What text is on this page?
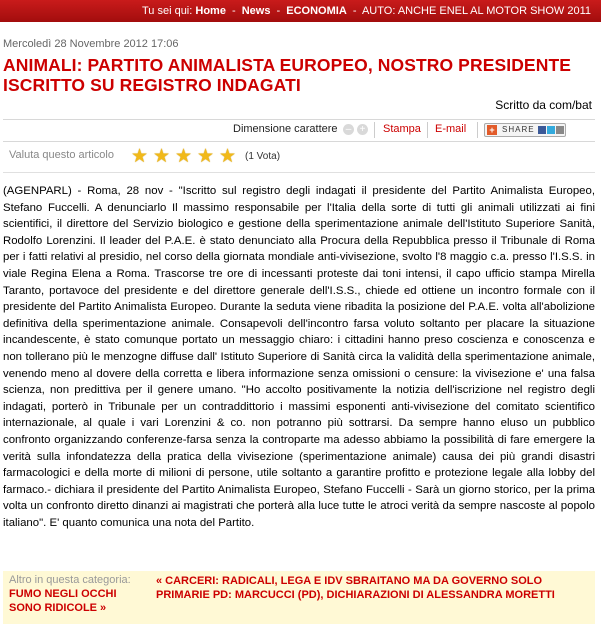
Tu sei qui: Home - News - ECONOMIA - AUTO: ANCHE ENEL AL MOTOR SHOW 2011
Mercoledì 28 Novembre 2012 17:06
ANIMALI: PARTITO ANIMALISTA EUROPEO, NOSTRO PRESIDENTE ISCRITTO SU REGISTRO INDAGATI
Scritto da com/bat
Dimensione carattere – + Stampa E-mail	+ SHARE
Valuta questo articolo ★ ★ ★ ★ ★ (1 Vota)

(AGENPARL) - Roma, 28 nov - "Iscritto sul registro degli indagati il presidente del Partito Animalista Europeo, Stefano Fuccelli. A denunciarlo Il massimo responsabile per l'Italia della sorte di tutti gli animali utilizzati ai fini scientifici, il direttore del Servizio biologico e gestione della sperimentazione animale dell'Istituto Superiore Sanità, Rodolfo Lorenzini. Il leader del P.A.E. è stato denunciato alla Procura della Repubblica presso il Tribunale di Roma per i fatti relativi al presidio, nel corso della giornata mondiale anti-vivisezione, svolto l'8 maggio c.a. presso l'I.S.S. in viale Regina Elena a Roma. Trascorse tre ore di incessanti proteste dai toni intensi, il capo ufficio stampa Mirella Taranto, portavoce del presidente e del direttore generale dell'I.S.S., chiede ed ottiene un incontro formale con il presidente del Partito Animalista Europeo. Durante la seduta viene ribadita la posizione del P.A.E. volta all'abolizione definitiva della sperimentazione animale. Consapevoli dell'incontro farsa voluto soltanto per placare la situazione incandescente, è stato comunque portato un messaggio chiaro: i cittadini hanno preso coscienza e conoscenza e non tollerano più le menzogne diffuse dall' Istituto Superiore di Sanità circa la validità della sperimentazione animale, venendo meno al dovere della corretta e libera informazione senza omissioni o censure: la vivisezione e' una falsa scienza, non predittiva per il genere umano. "Ho accolto positivamente la notizia dell'iscrizione nel registro degli indagati, porterò in Tribunale per un contraddittorio i massimi esponenti anti-vivisezione del comitato scientifico internazionale, al quale i vari Lorenzini & co. non potranno più sottrarsi. Da sempre hanno eluso un pubblico confronto organizzando conferenze-farsa senza la controparte ma adesso abbiamo la possibilità di fare emergere la verità sulla infondatezza della pratica della vivisezione (sperimentazione animale) causa dei più grandi disastri farmacologici e della morte di milioni di persone, utile soltanto a garantire profitto e protezione legale alla lobby del farmaco.- dichiara il presidente del Partito Animalista Europeo, Stefano Fuccelli - Sarà un giorno storico, per la prima volta un confronto diretto dinanzi ai magistrati che porterà alla luce tutte le atroci verità da sempre nascoste al popolo italiano". E' quanto comunica una nota del Partito.

Altro in questa categoria:
FUMO NEGLI OCCHI SONO RIDICOLE »
« CARCERI: RADICALI, LEGA E IDV SBRAITANO MA DA GOVERNO SOLO PRIMARIE PD: MARCUCCI (PD), DICHIARAZIONI DI ALESSANDRA MORETTI
